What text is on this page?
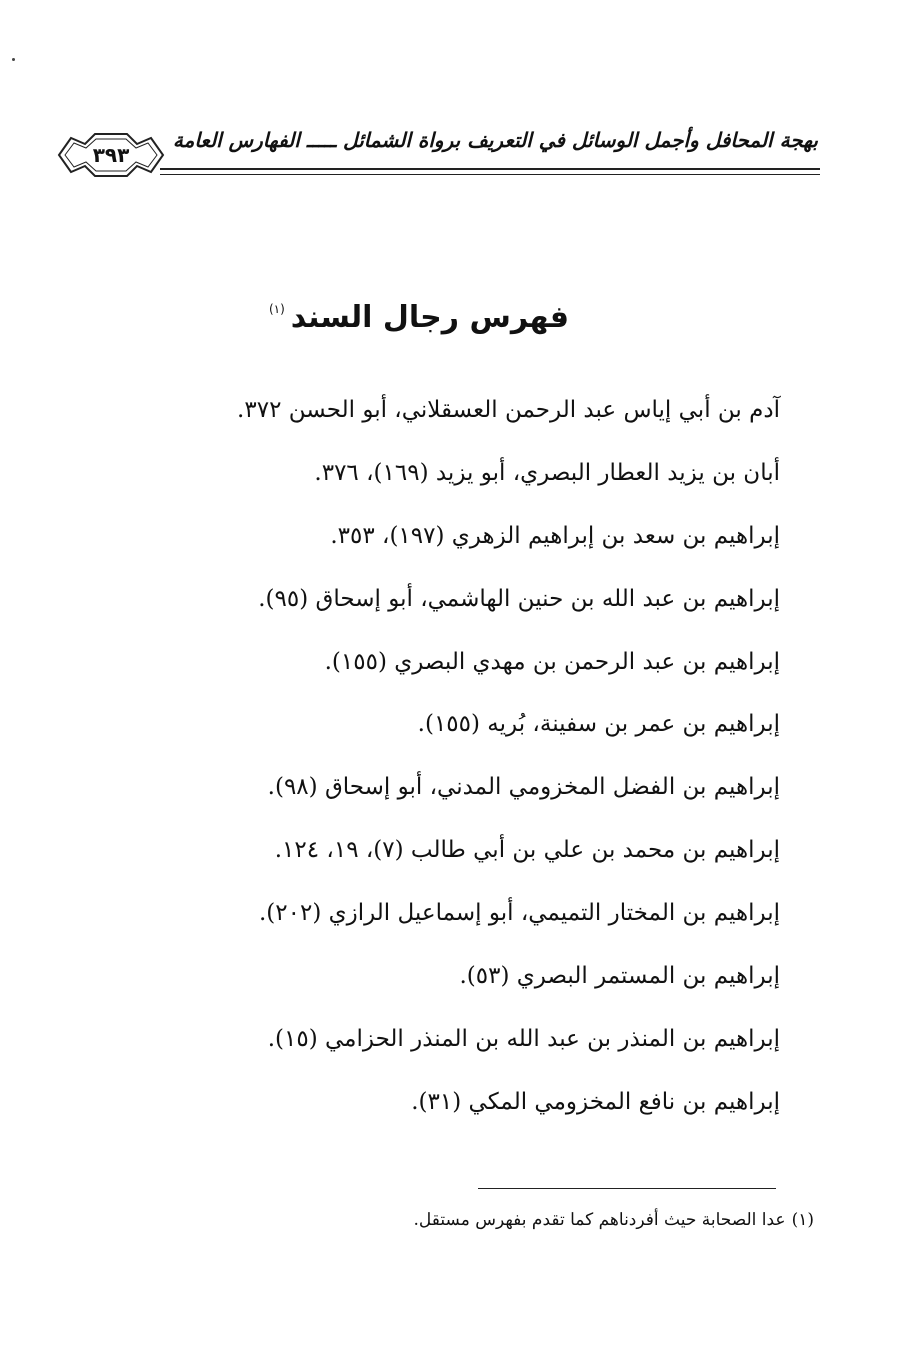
٣٩٣
بهجة المحافل وأجمل الوسائل في التعريف برواة الشمائل ـــــ الفهارس العامة
فهرس رجال السند$^{(١)}$
آدم بن أبي إياس عبد الرحمن العسقلاني، أبو الحسن ٣٧٢.
أبان بن يزيد العطار البصري، أبو يزيد (١٦٩)، ٣٧٦.
إبراهيم بن سعد بن إبراهيم الزهري (١٩٧)، ٣٥٣.
إبراهيم بن عبد الله بن حنين الهاشمي، أبو إسحاق (٩٥).
إبراهيم بن عبد الرحمن بن مهدي البصري (١٥٥).
إبراهيم بن عمر بن سفينة، بُريه (١٥٥).
إبراهيم بن الفضل المخزومي المدني، أبو إسحاق (٩٨).
إبراهيم بن محمد بن علي بن أبي طالب (٧)، ١٩، ١٢٤.
إبراهيم بن المختار التميمي، أبو إسماعيل الرازي (٢٠٢).
إبراهيم بن المستمر البصري (٥٣).
إبراهيم بن المنذر بن عبد الله بن المنذر الحزامي (١٥).
إبراهيم بن نافع المخزومي المكي (٣١).
(١)عدا الصحابة حيث أفردناهم كما تقدم بفهرس مستقل.
